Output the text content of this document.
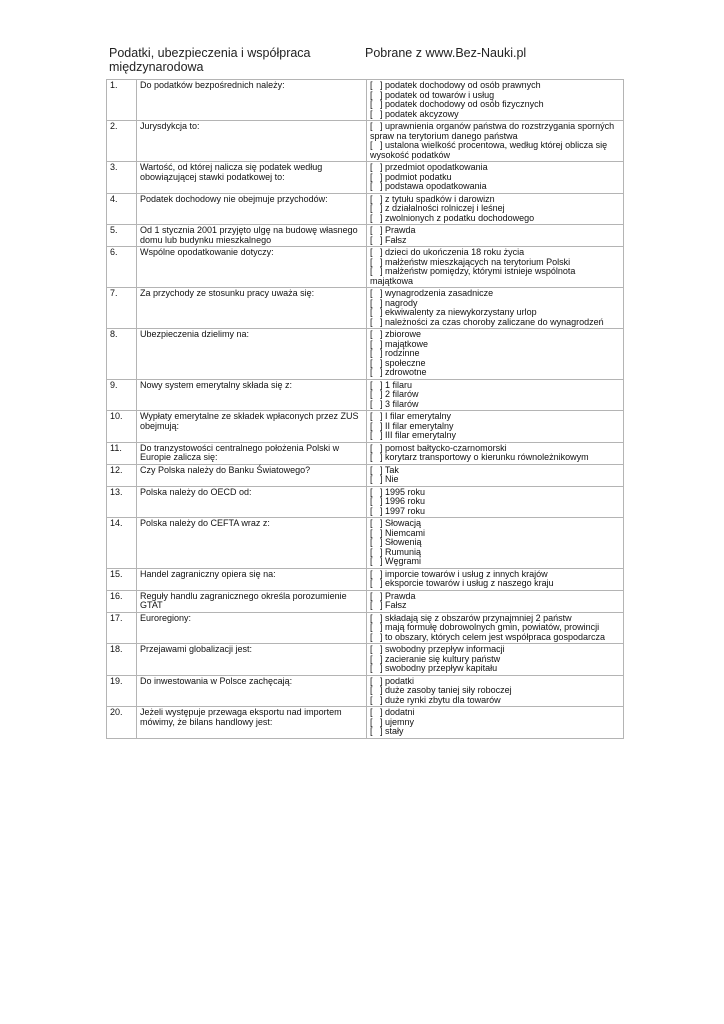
Podatki, ubezpieczenia i współpraca międzynarodowa
Pobrane z www.Bez-Nauki.pl
1.	Do podatków bezpośrednich należy:	[   ] podatek dochodowy od osób prawnych
[   ] podatek od towarów i usług
[   ] podatek dochodowy od osób fizycznych
[   ] podatek akcyzowy

2.	Jurysdykcja to:	[   ] uprawnienia organów państwa do rozstrzygania sporných spraw na terytorium danego państwa
[   ] ustalona wielkość procentowa, według której oblicza się wysokość podatków

3.	Wartość, od której nalicza się podatek według obowiązującej stawki podatkowej to:	[   ] przedmiot opodatkowania
[   ] podmiot podatku
[   ] podstawa opodatkowania

4.	Podatek dochodowy nie obejmuje przychodów:	[   ] z tytułu spadków i darowizn
[   ] z działalności rolniczej i leśnej
[   ] zwolnionych z podatku dochodowego

5.	Od 1 stycznia 2001 przyjęto ulgę na budowę własnego domu lub budynku mieszkalnego	[   ] Prawda
[   ] Fałsz

6.	Wspólne opodatkowanie dotyczy:	[   ] dzieci do ukończenia 18 roku życia
[   ] małżeństw mieszkających na terytorium Polski
[   ] małżeństw pomiędzy, którymi istnieje wspólnota majątkowa

7.	Za przychody ze stosunku pracy uważa się:	[   ] wynagrodzenia zasadnicze
[   ] nagrody
[   ] ekwiwalenty za niewykorzystany urlop
[   ] należności za czas choroby zaliczane do wynagrodzeń

8.	Ubezpieczenia dzielimy na:	[   ] zbiorowe
[   ] majątkowe
[   ] rodzinne
[   ] społeczne
[   ] zdrowotne

9.	Nowy system emerytalny składa się z:	[   ] 1 filaru
[   ] 2 filarów
[   ] 3 filarów

10.	Wypłaty emerytalne ze składek wpłaconych przez ZUS obejmują:	[   ] I filar emerytalny
[   ] II filar emerytalny
[   ] III filar emerytalny

11.	Do tranzystowości centralnego położenia Polski w Europie zalicza się:	[   ] pomost bałtycko-czarnomorski
[   ] korytarz transportowy o kierunku równoleżnikowym

12.	Czy Polska należy do Banku Światowego?	[   ] Tak
[   ] Nie

13.	Polska należy do OECD od:	[   ] 1995 roku
[   ] 1996 roku
[   ] 1997 roku

14.	Polska należy do CEFTA wraz z:	[   ] Słowacją
[   ] Niemcami
[   ] Słowenią
[   ] Rumunią
[   ] Węgrami

15.	Handel zagraniczny opiera się na:	[   ] imporcie towarów i usług z innych krajów
[   ] eksporcie towarów i usług z naszego kraju

16.	Reguły handlu zagranicznego określa porozumienie GTAT	[   ] Prawda
[   ] Fałsz

17.	Euroregiony:	[   ] składają się z obszarów przynajmniej 2 państw
[   ] mają formułę dobrowolnych gmin, powiatów, prowincji
[   ] to obszary, których celem jest współpraca gospodarcza

18.	Przejawami globalizacji jest:	[   ] swobodny przepływ informacji
[   ] zacieranie się kultury państw
[   ] swobodny przepływ kapitału

19.	Do inwestowania w Polsce zachęcają:	[   ] podatki
[   ] duże zasoby taniej siły roboczej
[   ] duże rynki zbytu dla towarów

20.	Jeżeli występuje przewaga eksportu nad importem mówimy, że bilans handlowy jest:	[   ] dodatni
[   ] ujemny
[   ] stały
